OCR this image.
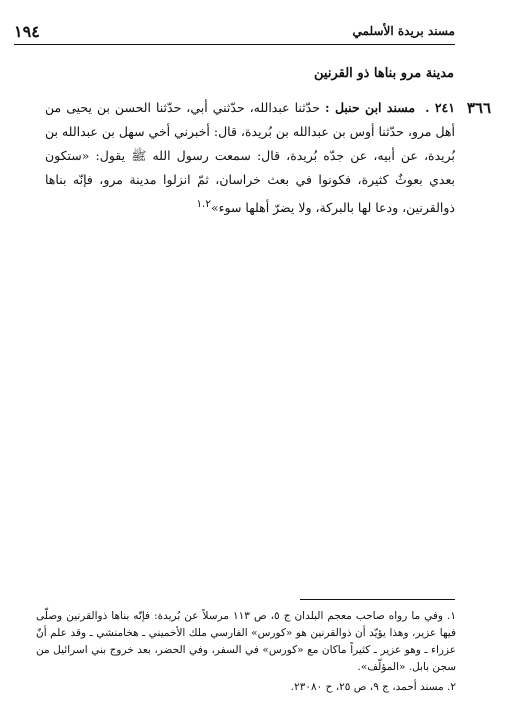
١٩٤	مسند بريدة الأسلمي
مدينة مرو بناها ذو القرنين
٣٦٦
٢٤١ . مسند ابن حنبل : حدّثنا عبدالله، حدّثني أبي، حدّثنا الحسن بن يحيى من أهل مرو، حدّثنا أوس بن عبدالله بن بُريدة، قال: أخبرني أخي سهل بن عبدالله بن بُريدة، عن أبيه، عن جدّه بُريدة، قال: سمعت رسول الله ﷺ يقول: «ستكون بعدي بعوثٌ كثيرة، فكونوا في بعث خراسان، ثمّ انزلوا مدينة مرو، فإنّه بناها ذوالقرنين، ودعا لها بالبركة، ولا يضرّ أهلها سوء»$^{١.٢}$

١. وفي ما رواه صاحب معجم البلدان ج ٥، ص ١١٣ مرسلاً عن بُريدة: فإنّه بناها ذوالقرنين وصلّى فيها عزير، وهذا يؤيّد أن ذوالقرنين هو «كورس» الفارسي ملك الأخميني ـ هخامنشي ـ وقد علم أنّ عزراء ـ وهو عزير ـ كثيراً ماكان مع «كورس» في السفر، وفي الحضر، بعد خروج بني اسرائيل من سجن بابل. «المؤلّف».

٢. مسند أحمد، ج ٩، ص ٢٥، ح ٢٣٠٨٠.
